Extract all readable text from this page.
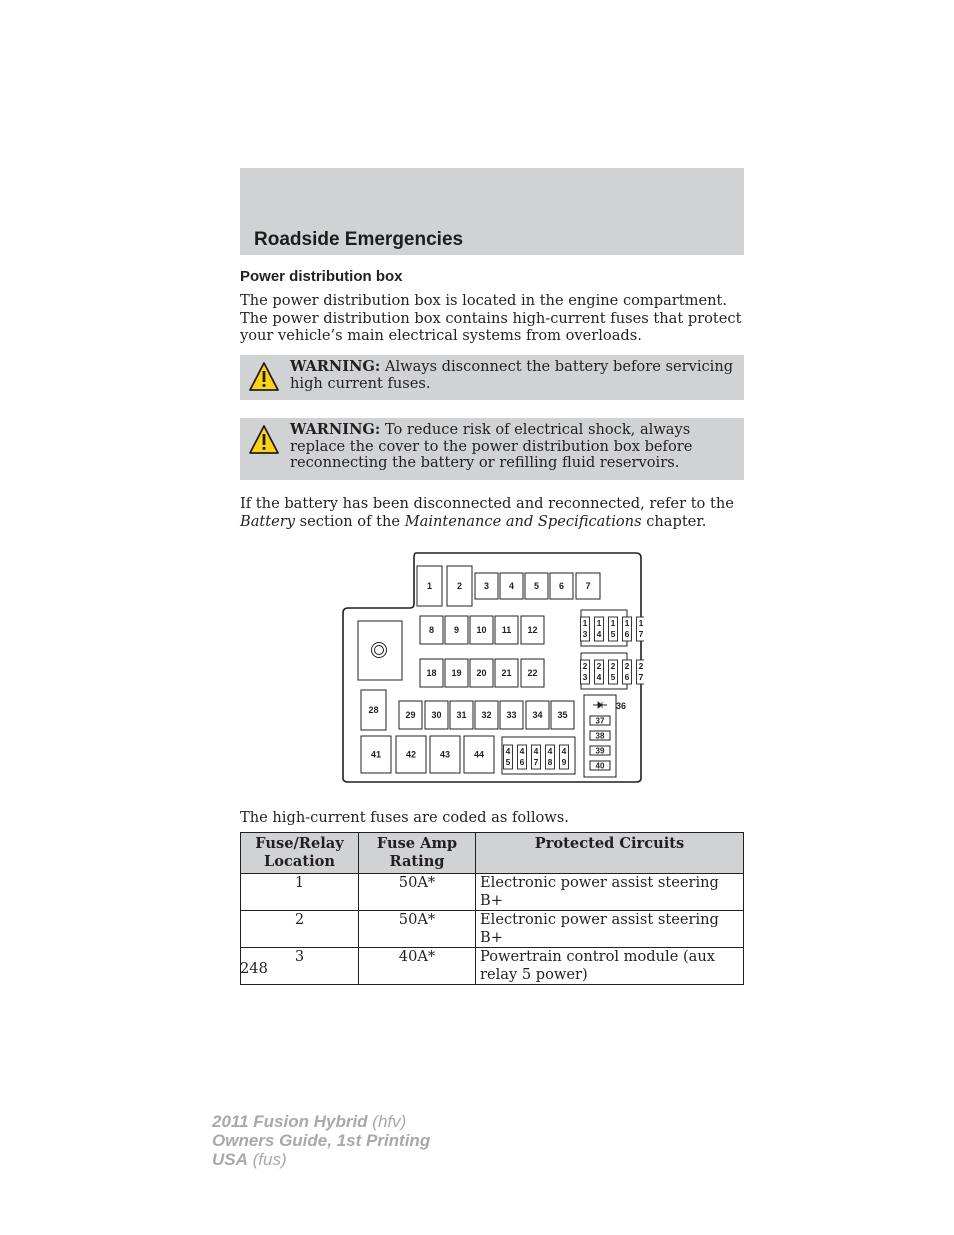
Roadside Emergencies
Power distribution box

The power distribution box is located in the engine compartment. The power distribution box contains high-current fuses that protect your vehicle’s main electrical systems from overloads.

WARNING: Always disconnect the battery before servicing high current fuses.
WARNING: To reduce risk of electrical shock, always replace the cover to the power distribution box before reconnecting the battery or refilling fluid reservoirs.

If the battery has been disconnected and reconnected, refer to the Battery section of the Maintenance and Specifications chapter.

1	2 3 4 5 6 7
8 9 10 11 12
18 19 20 21 22
28	29 30 31 32 33 34 35
36
37
38
39
40
41	42	43	44
1
3
1
4
1
5
1
6
1
7
2
3
2
4
2
5
2
6
2
7
4
5
4
6
4
7
4
8
4
9

The high-current fuses are coded as follows.

Fuse/Relay Location	Fuse Amp Rating	Protected Circuits
1	50A*	Electronic power assist steering B+
2	50A*	Electronic power assist steering B+
3	40A*	Powertrain control module (aux relay 5 power)

248

2011 Fusion Hybrid (hfv)
Owners Guide, 1st Printing
USA (fus)
